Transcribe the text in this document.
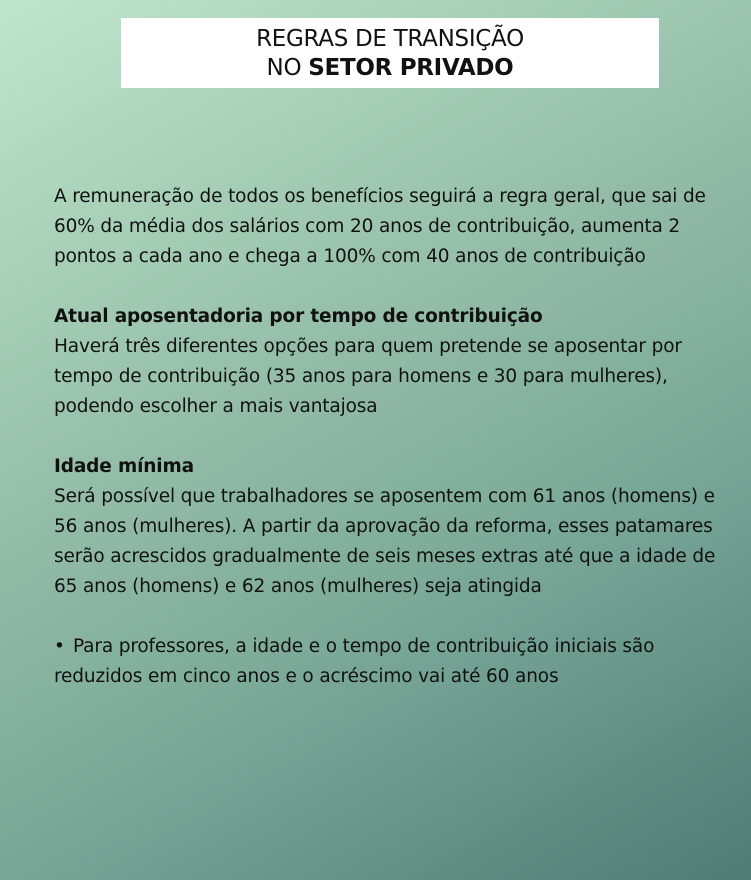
REGRAS DE TRANSIÇÃO
NO SETOR PRIVADO

A remuneração de todos os benefícios seguirá a regra geral, que sai de 60% da média dos salários com 20 anos de contribuição, aumenta 2 pontos a cada ano e chega a 100% com 40 anos de contribuição

Atual aposentadoria por tempo de contribuição

Haverá três diferentes opções para quem pretende se aposentar por tempo de contribuição (35 anos para homens e 30 para mulheres), podendo escolher a mais vantajosa

Idade mínima

Será possível que trabalhadores se aposentem com 61 anos (homens) e 56 anos (mulheres). A partir da aprovação da reforma, esses patamares serão acrescidos gradualmente de seis meses extras até que a idade de 65 anos (homens) e 62 anos (mulheres) seja atingida

• Para professores, a idade e o tempo de contribuição iniciais são reduzidos em cinco anos e o acréscimo vai até 60 anos
